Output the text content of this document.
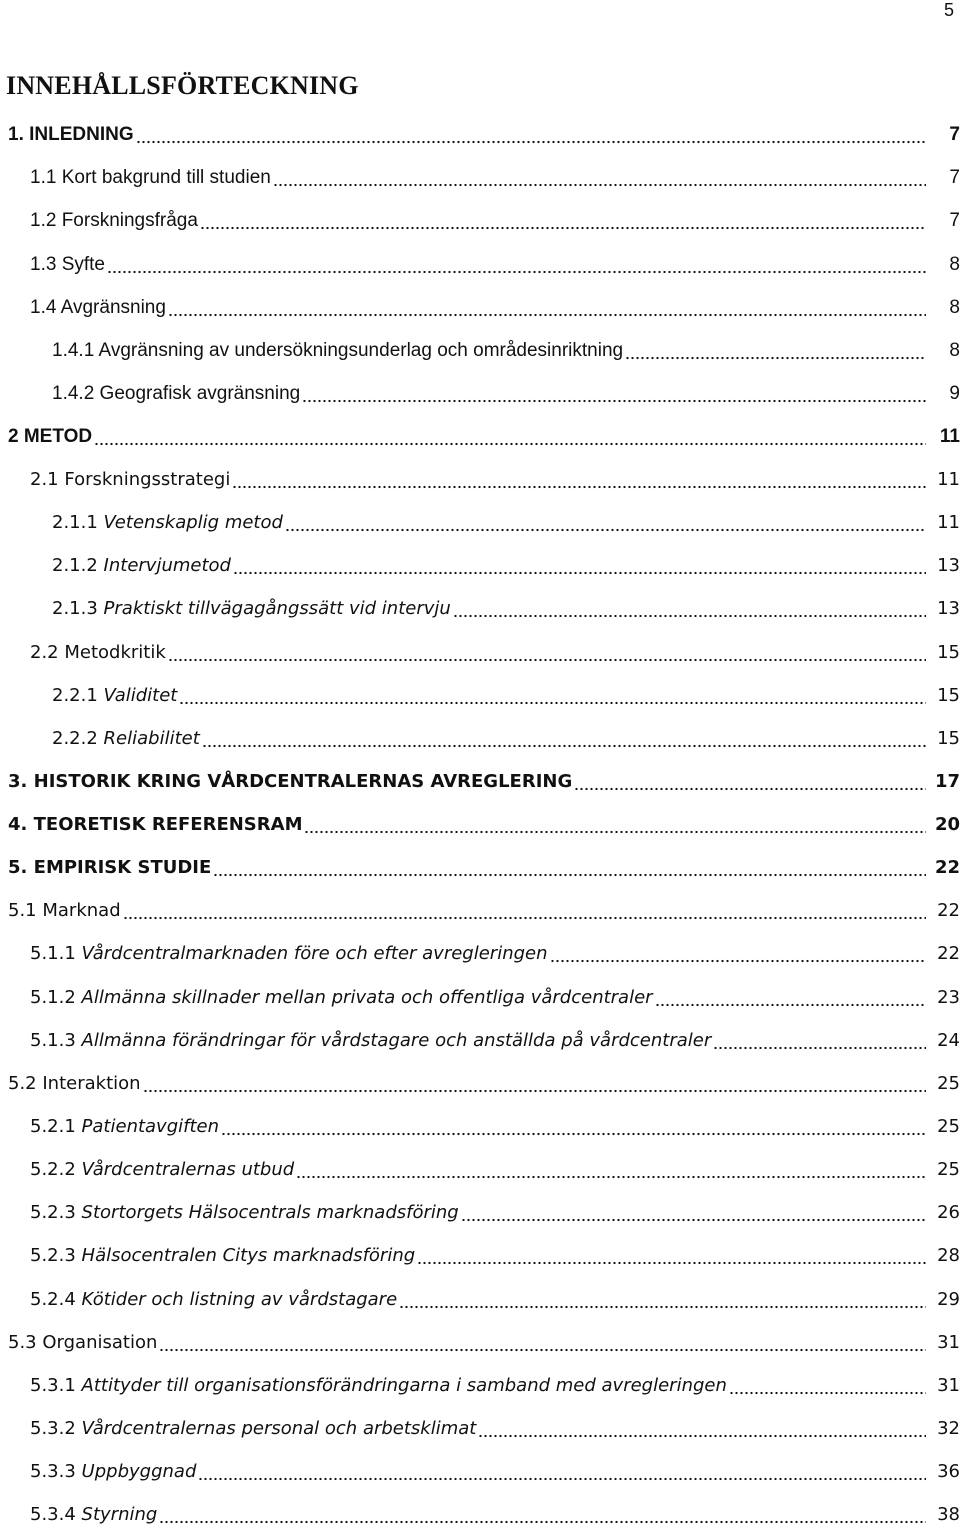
5
INNEHÅLLSFÖRTECKNING
1. INLEDNING	7
1.1 Kort bakgrund till studien	7
1.2 Forskningsfråga	7
1.3 Syfte	8
1.4 Avgränsning	8
1.4.1 Avgränsning av undersökningsunderlag och områdesinriktning	8
1.4.2 Geografisk avgränsning	9
2 METOD	11
2.1 Forskningsstrategi	11
2.1.1 Vetenskaplig metod	11
2.1.2 Intervjumetod	13
2.1.3 Praktiskt tillvägagångssätt vid intervju	13
2.2 Metodkritik	15
2.2.1 Validitet	15
2.2.2 Reliabilitet	15
3. HISTORIK KRING VÅRDCENTRALERNAS AVREGLERING	17
4. TEORETISK REFERENSRAM	20
5. EMPIRISK STUDIE	22
5.1 Marknad	22
5.1.1 Vårdcentralmarknaden före och efter avregleringen	22
5.1.2 Allmänna skillnader mellan privata och offentliga vårdcentraler	23
5.1.3 Allmänna förändringar för vårdstagare och anställda på vårdcentraler	24
5.2 Interaktion	25
5.2.1 Patientavgiften	25
5.2.2 Vårdcentralernas utbud	25
5.2.3 Stortorgets Hälsocentrals marknadsföring	26
5.2.3 Hälsocentralen Citys marknadsföring	28
5.2.4 Kötider och listning av vårdstagare	29
5.3 Organisation	31
5.3.1 Attityder till organisationsförändringarna i samband med avregleringen	31
5.3.2 Vårdcentralernas personal och arbetsklimat	32
5.3.3 Uppbyggnad	36
5.3.4 Styrning	38
